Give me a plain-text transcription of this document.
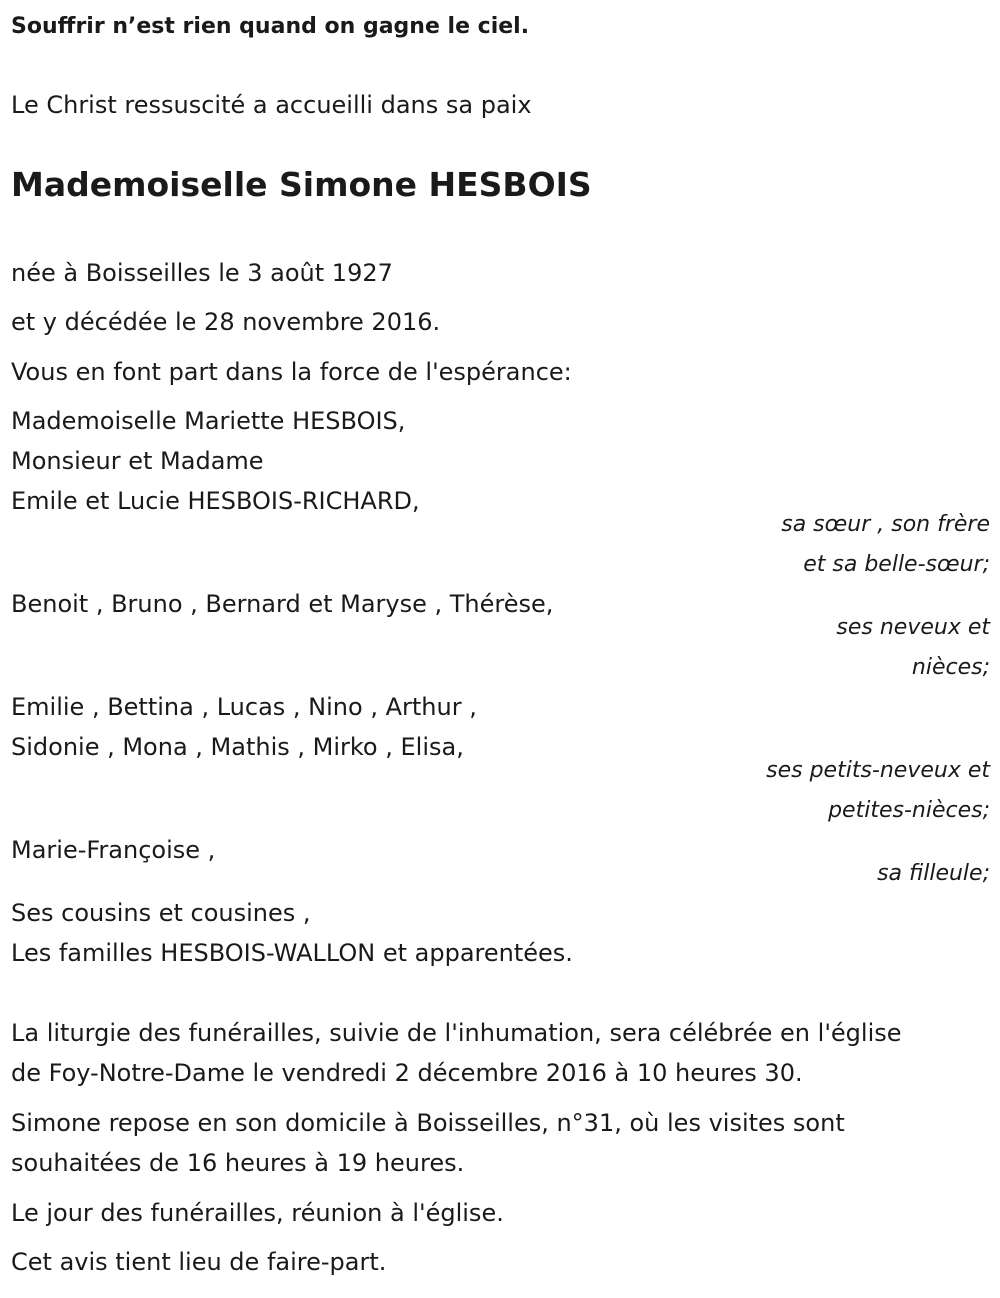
Souffrir n’est rien quand on gagne le ciel.

Le Christ ressuscité a accueilli dans sa paix

Mademoiselle Simone HESBOIS

née à Boisseilles le 3 août 1927

et y décédée le 28 novembre 2016.

Vous en font part dans la force de l'espérance:

Mademoiselle Mariette HESBOIS,

Monsieur et Madame

Emile et Lucie HESBOIS-RICHARD,

sa sœur , son frère

et sa belle-sœur;

Benoit , Bruno , Bernard et Maryse , Thérèse,

ses neveux et

nièces;

Emilie , Bettina , Lucas , Nino , Arthur ,

Sidonie , Mona , Mathis , Mirko , Elisa,

ses petits-neveux et

petites-nièces;

Marie-Françoise ,

sa filleule;

Ses cousins et cousines ,

Les familles HESBOIS-WALLON et apparentées.

La liturgie des funérailles, suivie de l'inhumation, sera célébrée en l'église

de Foy-Notre-Dame le vendredi 2 décembre 2016 à 10 heures 30.

Simone repose en son domicile à Boisseilles, n°31, où les visites sont

souhaitées de 16 heures à 19 heures.

Le jour des funérailles, réunion à l'église.

Cet avis tient lieu de faire-part.
